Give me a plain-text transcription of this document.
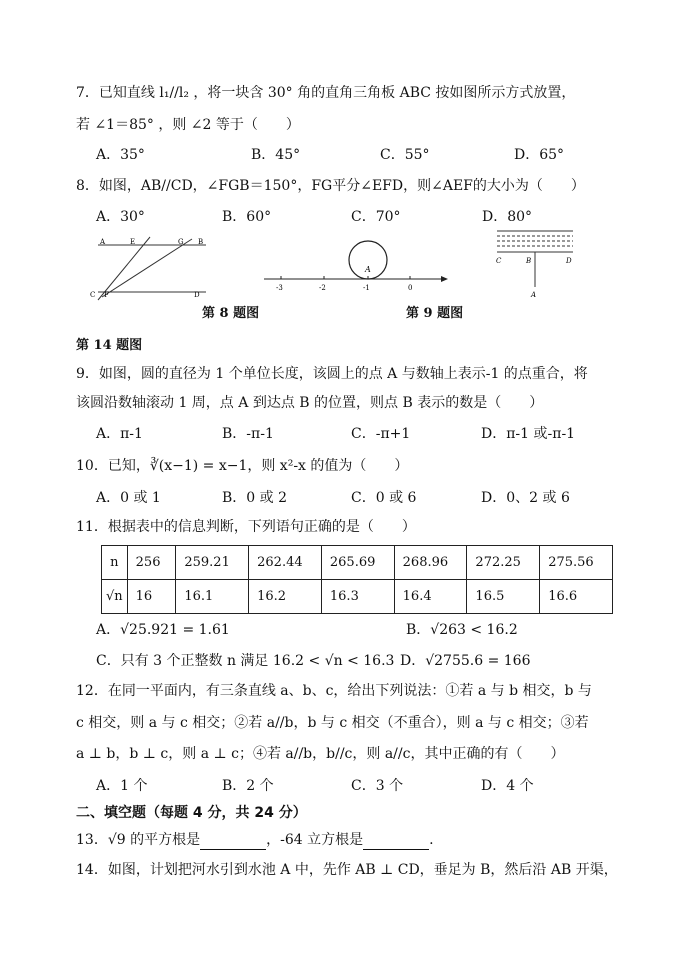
7．已知直线 l₁//l₂ ，将一块含 30° 角的直角三角板 ABC 按如图所示方式放置，
若 ∠1＝85° ，则 ∠2 等于（　　）
A．35°	B．45°	C．55°	D．65°
8．如图，AB//CD，∠FGB＝150°，FG平分∠EFD，则∠AEF的大小为（　　）
A．30°	B．60°	C．70°	D．80°
A	E	G B
C F	D
-3	-2	-1	0
A
C	B	D
A
第 8 题图	第 9 题图
第 14 题图
9．如图，圆的直径为 1 个单位长度，该圆上的点 A 与数轴上表示-1 的点重合，将
该圆沿数轴滚动 1 周，点 A 到达点 B 的位置，则点 B 表示的数是（　　）
A．π-1	B．-π-1	C．-π+1	D．π-1 或-π-1
10．已知，∛(x−1) = x−1，则 x²-x 的值为（　　）
A．0 或 1	B．0 或 2	C．0 或 6	D．0、2 或 6
11．根据表中的信息判断，下列语句正确的是（　　）
n	256	259.21	262.44	265.69	268.96	272.25	275.56
√n	16	16.1	16.2	16.3	16.4	16.5	16.6
A．√25.921 = 1.61	B．√263 < 16.2
C．只有 3 个正整数 n 满足 16.2 < √n < 16.3 D．√2755.6 = 166
12．在同一平面内，有三条直线 a、b、c，给出下列说法：①若 a 与 b 相交，b 与
c 相交，则 a 与 c 相交；②若 a//b，b 与 c 相交（不重合），则 a 与 c 相交；③若
a ⊥ b，b ⊥ c，则 a ⊥ c；④若 a//b，b//c，则 a//c，其中正确的有（　　）
A．1 个	B．2 个	C．3 个	D．4 个
二、填空题（每题 4 分，共 24 分）
13．√9 的平方根是	，-64 立方根是	.
14．如图，计划把河水引到水池 A 中，先作 AB ⊥ CD，垂足为 B，然后沿 AB 开渠，
